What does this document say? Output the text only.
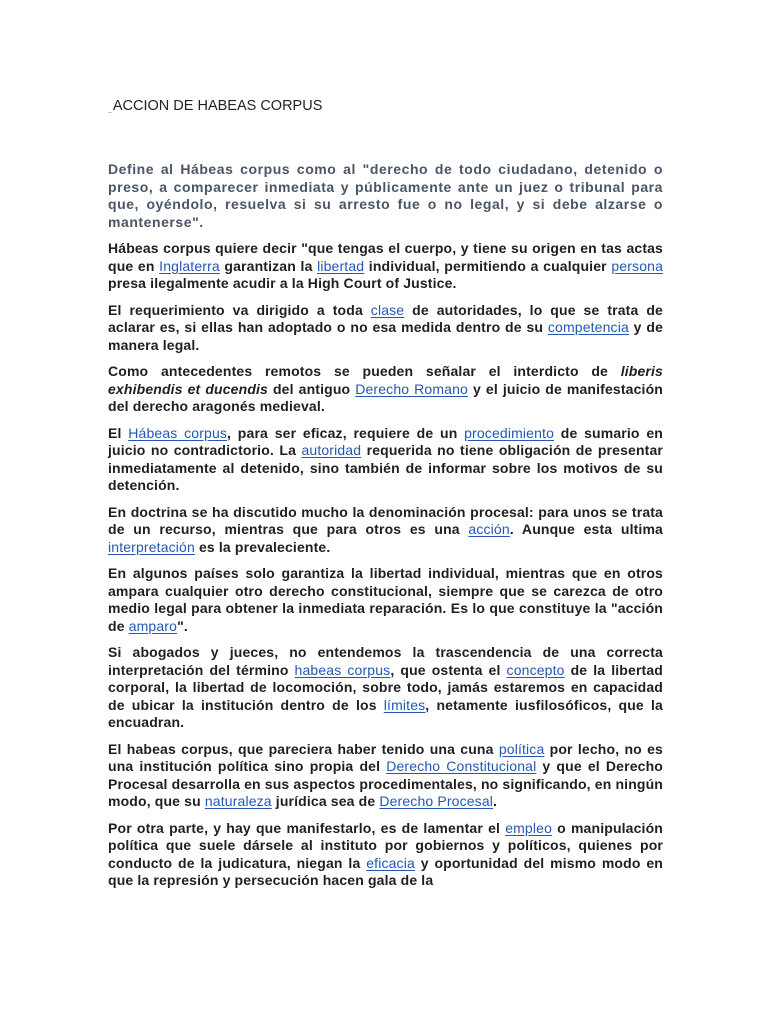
..ACCION DE HABEAS CORPUS

Define al Hábeas corpus como al "derecho de todo ciudadano, detenido o preso, a comparecer inmediata y públicamente ante un juez o tribunal para que, oyéndolo, resuelva si su arresto fue o no legal, y si debe alzarse o mantenerse".

Hábeas corpus quiere decir "que tengas el cuerpo, y tiene su origen en tas actas que en Inglaterra garantizan la libertad individual, permitiendo a cualquier persona presa ilegalmente acudir a la High Court of Justice.

El requerimiento va dirigido a toda clase de autoridades, lo que se trata de aclarar es, si ellas han adoptado o no esa medida dentro de su competencia y de manera legal.

Como antecedentes remotos se pueden señalar el interdicto de liberis exhibendis et ducendis del antiguo Derecho Romano y el juicio de manifestación del derecho aragonés medieval.

El Hábeas corpus, para ser eficaz, requiere de un procedimiento de sumario en juicio no contradictorio. La autoridad requerida no tiene obligación de presentar inmediatamente al detenido, sino también de informar sobre los motivos de su detención.

En doctrina se ha discutido mucho la denominación procesal: para unos se trata de un recurso, mientras que para otros es una acción. Aunque esta ultima interpretación es la prevaleciente.

En algunos países solo garantiza la libertad individual, mientras que en otros ampara cualquier otro derecho constitucional, siempre que se carezca de otro medio legal para obtener la inmediata reparación. Es lo que constituye la "acción de amparo".

Si abogados y jueces, no entendemos la trascendencia de una correcta interpretación del término habeas corpus, que ostenta el concepto de la libertad corporal, la libertad de locomoción, sobre todo, jamás estaremos en capacidad de ubicar la institución dentro de los límites, netamente iusfilosóficos, que la encuadran.

El habeas corpus, que pareciera haber tenido una cuna política por lecho, no es una institución política sino propia del Derecho Constitucional y que el Derecho Procesal desarrolla en sus aspectos procedimentales, no significando, en ningún modo, que su naturaleza jurídica sea de Derecho Procesal.

Por otra parte, y hay que manifestarlo, es de lamentar el empleo o manipulación política que suele dársele al instituto por gobiernos y políticos, quienes por conducto de la judicatura, niegan la eficacia y oportunidad del mismo modo en que la represión y persecución hacen gala de la
